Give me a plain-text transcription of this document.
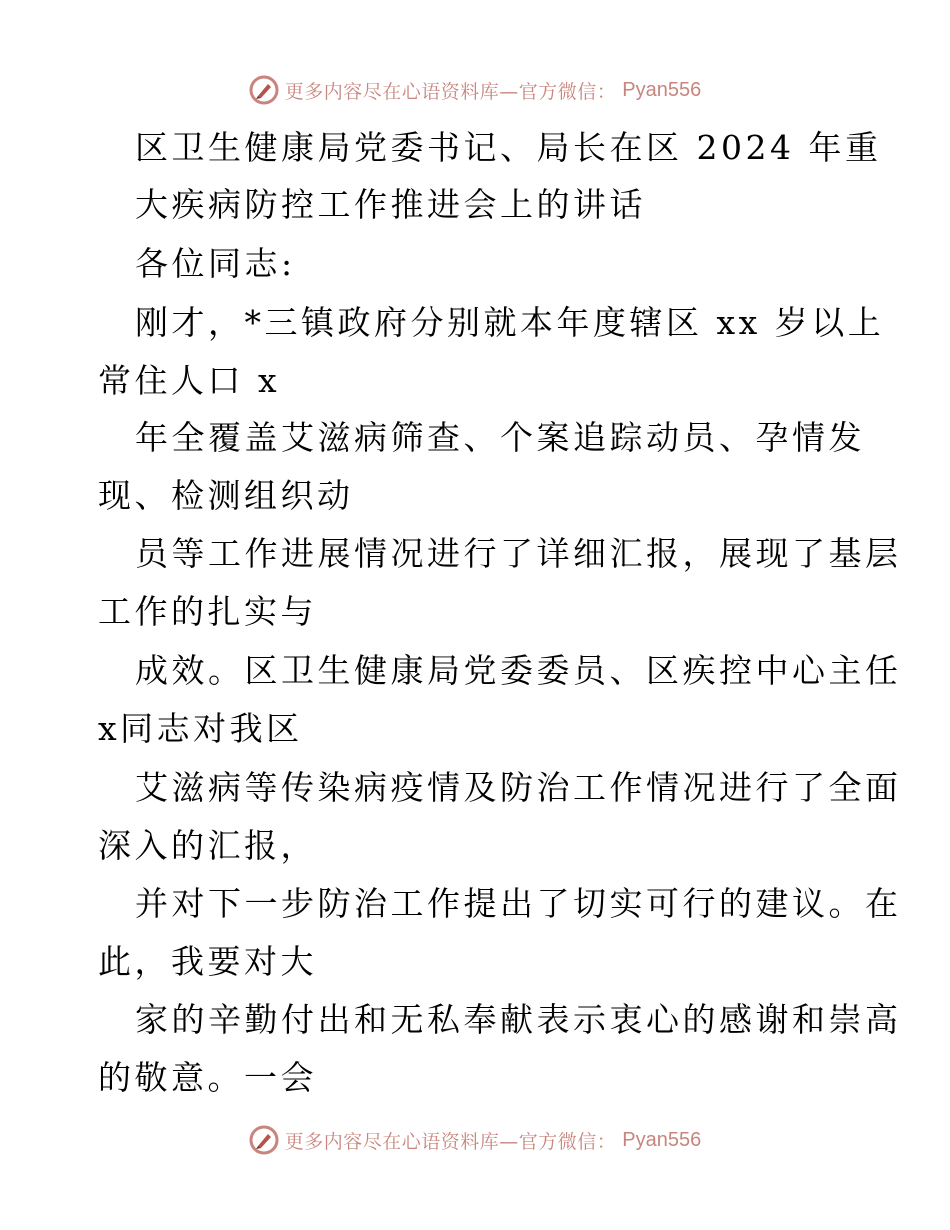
更多内容尽在心语资料库—官方微信： Pyan556
区卫生健康局党委书记、局长在区 2024 年重
大疾病防控工作推进会上的讲话
各位同志:
刚才，*三镇政府分别就本年度辖区 xx 岁以上
常住人口 x
年全覆盖艾滋病筛查、个案追踪动员、孕情发
现、检测组织动
员等工作进展情况进行了详细汇报，展现了基层
工作的扎实与
成效。区卫生健康局党委委员、区疾控中心主任
x同志对我区
艾滋病等传染病疫情及防治工作情况进行了全面
深入的汇报，
并对下一步防治工作提出了切实可行的建议。在
此，我要对大
家的辛勤付出和无私奉献表示衷心的感谢和崇高
的敬意。一会
更多内容尽在心语资料库—官方微信： Pyan556
